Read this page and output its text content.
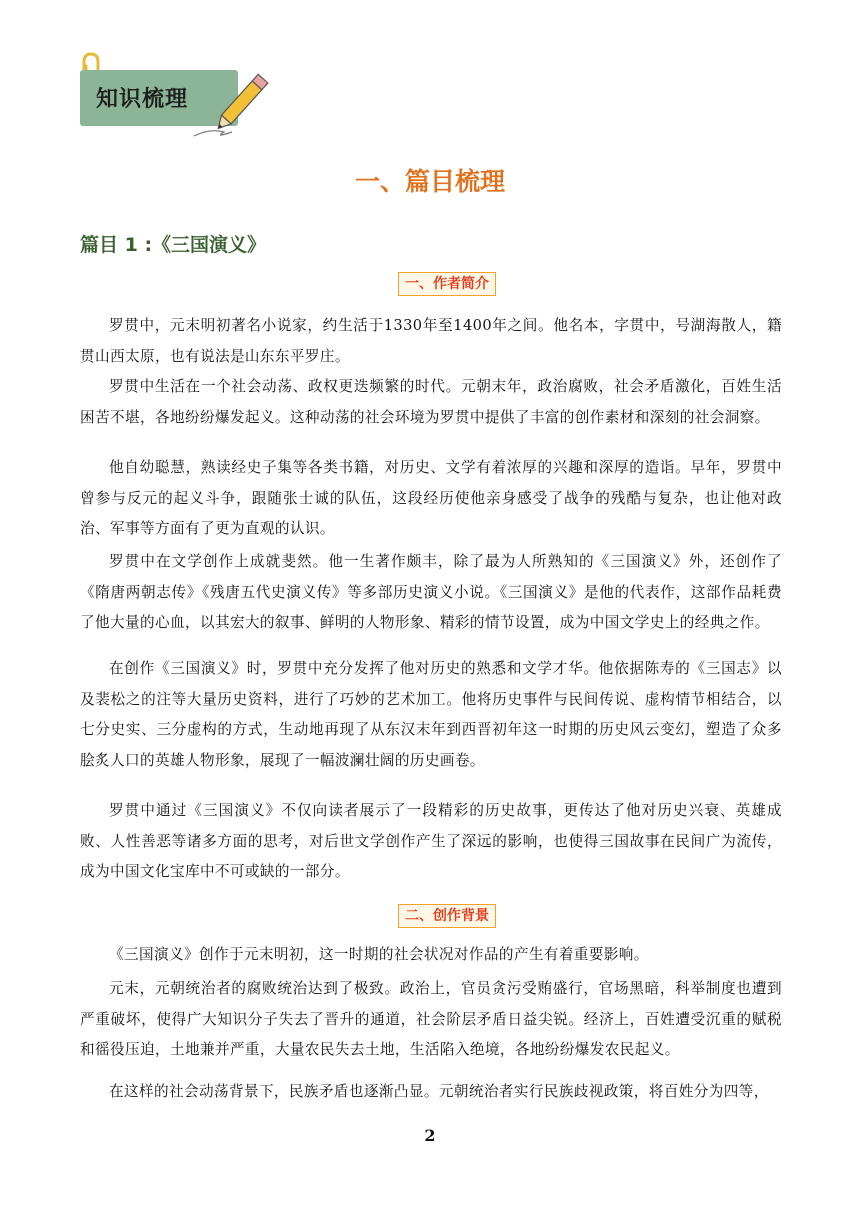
知识梳理
一、篇目梳理
篇目 1 :《三国演义》
一、作者简介
罗贯中，元末明初著名小说家，约生活于1330年至1400年之间。他名本，字贯中，号湖海散人，籍贯山西太原，也有说法是山东东平罗庄。
罗贯中生活在一个社会动荡、政权更迭频繁的时代。元朝末年，政治腐败，社会矛盾激化，百姓生活困苦不堪，各地纷纷爆发起义。这种动荡的社会环境为罗贯中提供了丰富的创作素材和深刻的社会洞察。
他自幼聪慧，熟读经史子集等各类书籍，对历史、文学有着浓厚的兴趣和深厚的造诣。早年，罗贯中曾参与反元的起义斗争，跟随张士诚的队伍，这段经历使他亲身感受了战争的残酷与复杂，也让他对政治、军事等方面有了更为直观的认识。
罗贯中在文学创作上成就斐然。他一生著作颇丰，除了最为人所熟知的《三国演义》外，还创作了《隋唐两朝志传》《残唐五代史演义传》等多部历史演义小说。《三国演义》是他的代表作，这部作品耗费了他大量的心血，以其宏大的叙事、鲜明的人物形象、精彩的情节设置，成为中国文学史上的经典之作。
在创作《三国演义》时，罗贯中充分发挥了他对历史的熟悉和文学才华。他依据陈寿的《三国志》以及裴松之的注等大量历史资料，进行了巧妙的艺术加工。他将历史事件与民间传说、虚构情节相结合，以七分史实、三分虚构的方式，生动地再现了从东汉末年到西晋初年这一时期的历史风云变幻，塑造了众多脍炙人口的英雄人物形象，展现了一幅波澜壮阔的历史画卷。
罗贯中通过《三国演义》不仅向读者展示了一段精彩的历史故事，更传达了他对历史兴衰、英雄成败、人性善恶等诸多方面的思考，对后世文学创作产生了深远的影响，也使得三国故事在民间广为流传，成为中国文化宝库中不可或缺的一部分。
二、创作背景
《三国演义》创作于元末明初，这一时期的社会状况对作品的产生有着重要影响。
元末，元朝统治者的腐败统治达到了极致。政治上，官员贪污受贿盛行，官场黑暗，科举制度也遭到严重破坏，使得广大知识分子失去了晋升的通道，社会阶层矛盾日益尖锐。经济上，百姓遭受沉重的赋税和徭役压迫，土地兼并严重，大量农民失去土地，生活陷入绝境，各地纷纷爆发农民起义。
在这样的社会动荡背景下，民族矛盾也逐渐凸显。元朝统治者实行民族歧视政策，将百姓分为四等，
2
